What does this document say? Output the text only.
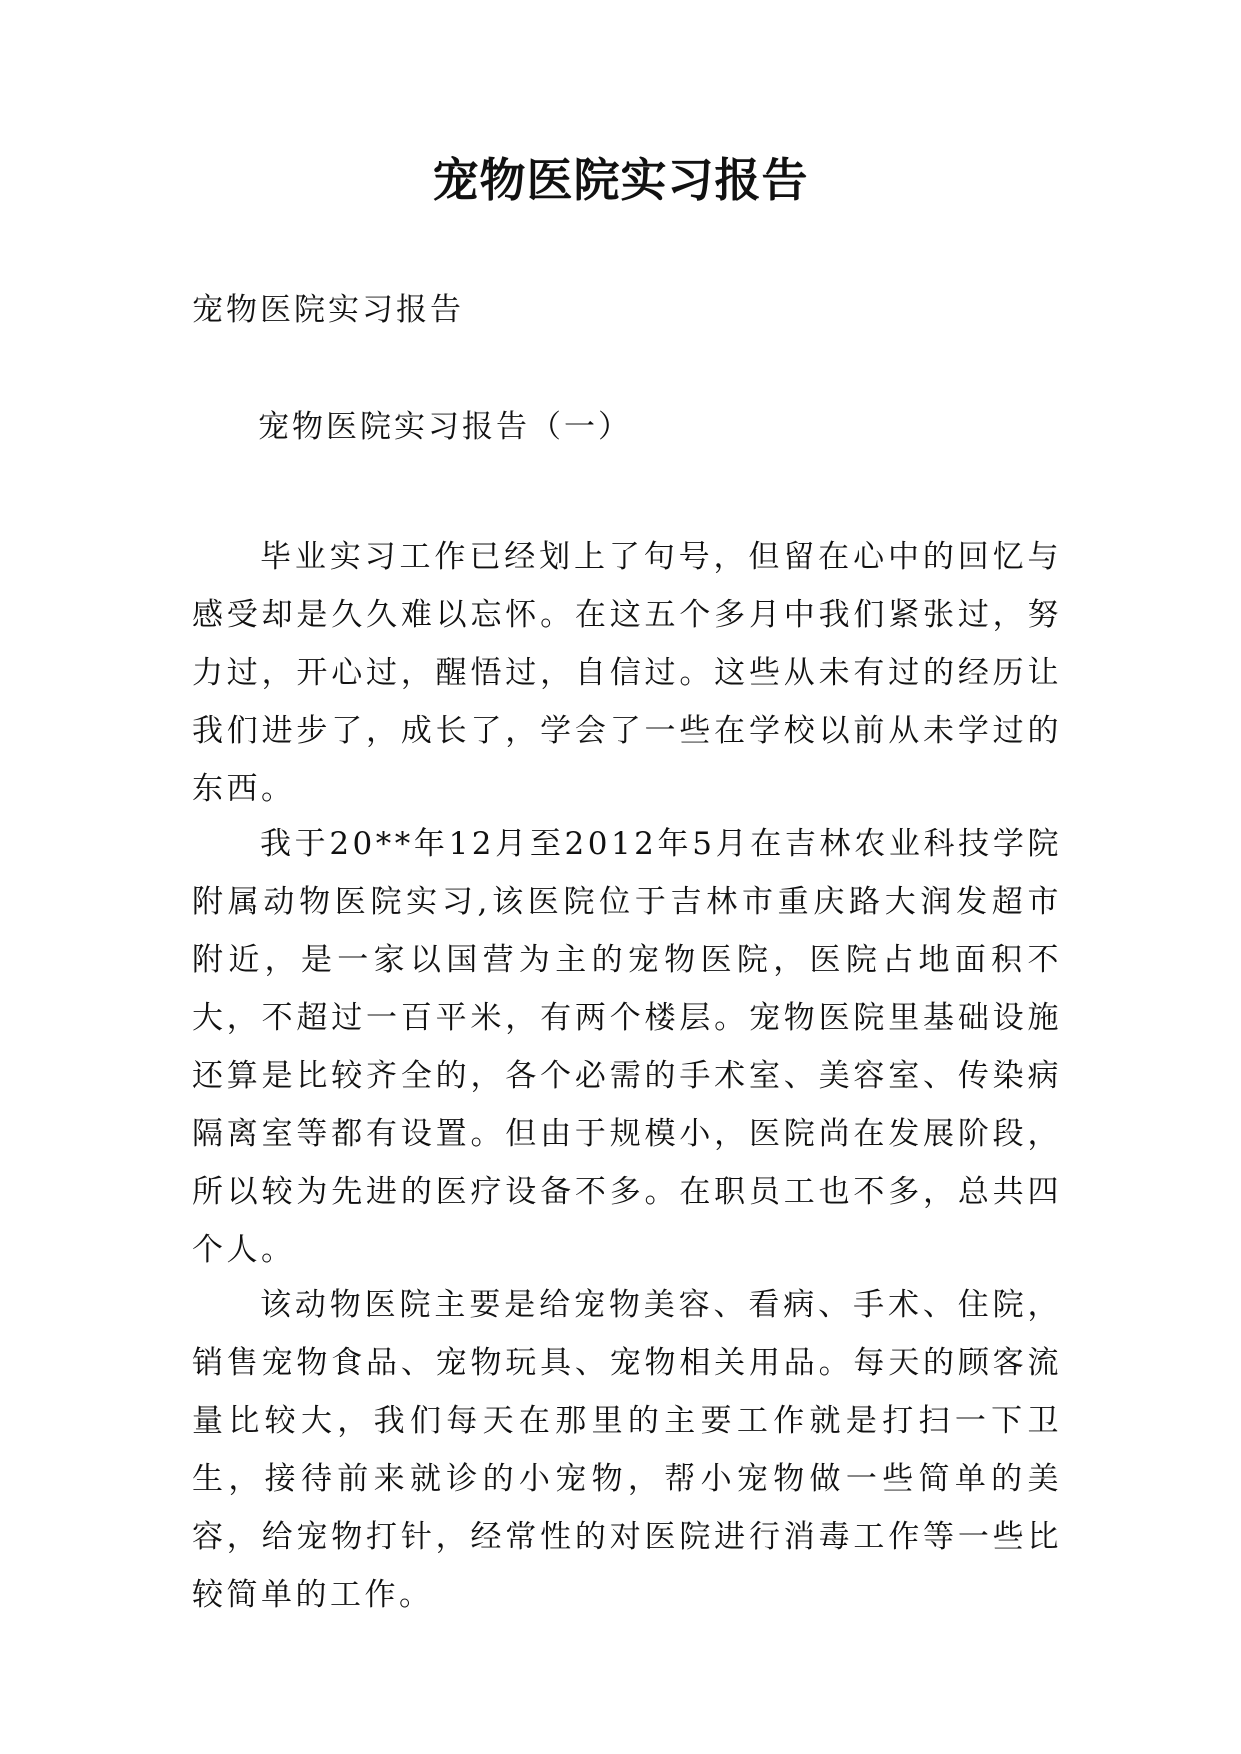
宠物医院实习报告

宠物医院实习报告

宠物医院实习报告（一）

毕业实习工作已经划上了句号，但留在心中的回忆与感受却是久久难以忘怀。在这五个多月中我们紧张过，努力过，开心过，醒悟过，自信过。这些从未有过的经历让我们进步了，成长了，学会了一些在学校以前从未学过的东西。

我于20**年12月至2012年5月在吉林农业科技学院附属动物医院实习,该医院位于吉林市重庆路大润发超市附近，是一家以国营为主的宠物医院，医院占地面积不大，不超过一百平米，有两个楼层。宠物医院里基础设施还算是比较齐全的，各个必需的手术室、美容室、传染病隔离室等都有设置。但由于规模小，医院尚在发展阶段，所以较为先进的医疗设备不多。在职员工也不多，总共四个人。

该动物医院主要是给宠物美容、看病、手术、住院，销售宠物食品、宠物玩具、宠物相关用品。每天的顾客流量比较大，我们每天在那里的主要工作就是打扫一下卫生，接待前来就诊的小宠物，帮小宠物做一些简单的美容，给宠物打针，经常性的对医院进行消毒工作等一些比较简单的工作。
